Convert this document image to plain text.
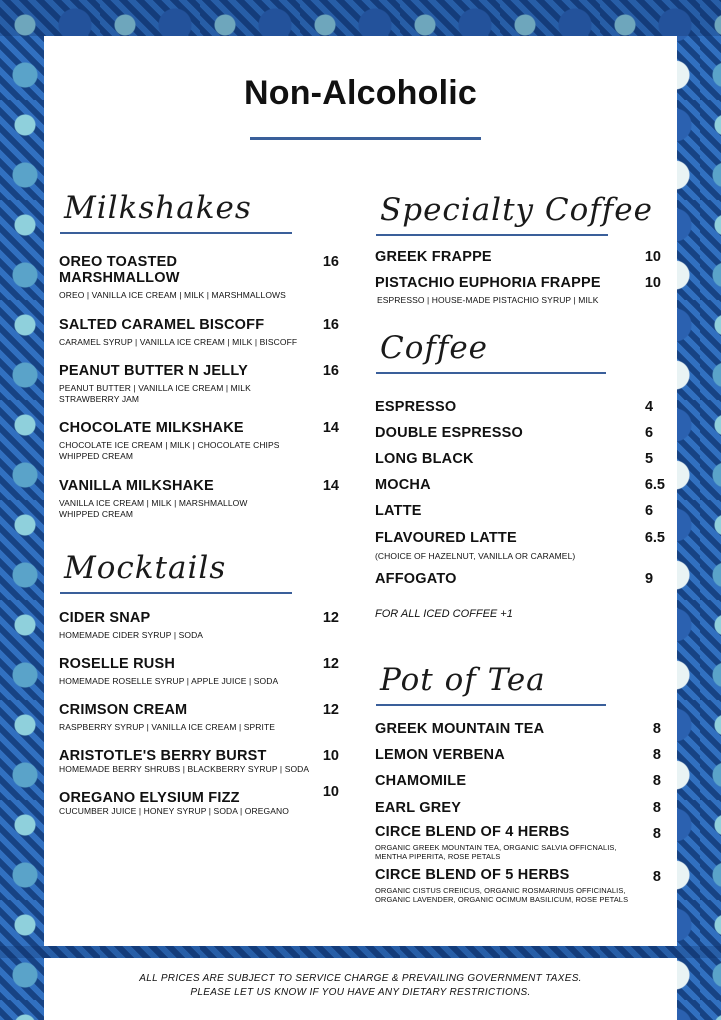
Non-Alcoholic
Milkshakes
OREO TOASTED MARSHMALLOW
16
OREO | VANILLA ICE CREAM | MILK | MARSHMALLOWS
SALTED CARAMEL BISCOFF	16
CARAMEL SYRUP | VANILLA ICE CREAM | MILK | BISCOFF
PEANUT BUTTER N JELLY	16
PEANUT BUTTER | VANILLA ICE CREAM | MILK STRAWBERRY JAM
CHOCOLATE MILKSHAKE	14
CHOCOLATE ICE CREAM | MILK | CHOCOLATE CHIPS WHIPPED CREAM
VANILLA MILKSHAKE	14
VANILLA ICE CREAM | MILK | MARSHMALLOW WHIPPED CREAM
Mocktails
CIDER SNAP	12
HOMEMADE CIDER SYRUP | SODA
ROSELLE RUSH	12
HOMEMADE ROSELLE SYRUP | APPLE JUICE | SODA
CRIMSON CREAM	12
RASPBERRY SYRUP | VANILLA ICE CREAM | SPRITE
ARISTOTLE'S BERRY BURST	10
HOMEMADE BERRY SHRUBS | BLACKBERRY SYRUP | SODA
OREGANO ELYSIUM FIZZ	10
CUCUMBER JUICE | HONEY SYRUP | SODA | OREGANO
Specialty Coffee
GREEK FRAPPE	10
PISTACHIO EUPHORIA FRAPPE	10
ESPRESSO | HOUSE-MADE PISTACHIO SYRUP | MILK
Coffee
ESPRESSO	4
DOUBLE ESPRESSO	6
LONG BLACK	5
MOCHA	6.5
LATTE	6
FLAVOURED LATTE	6.5
(CHOICE OF HAZELNUT, VANILLA OR CARAMEL)
AFFOGATO	9
FOR ALL ICED COFFEE +1
Pot of Tea
GREEK MOUNTAIN TEA	8
LEMON VERBENA	8
CHAMOMILE	8
EARL GREY	8
CIRCE BLEND OF 4 HERBS	8
ORGANIC GREEK MOUNTAIN TEA, ORGANIC SALVIA OFFICNALIS, MENTHA PIPERITA, ROSE PETALS
CIRCE BLEND OF 5 HERBS	8
ORGANIC CISTUS CREIICUS, ORGANIC ROSMARINUS OFFICINALIS, ORGANIC LAVENDER, ORGANIC OCIMUM BASILICUM, ROSE PETALS
ALL PRICES ARE SUBJECT TO SERVICE CHARGE & PREVAILING GOVERNMENT TAXES.
PLEASE LET US KNOW IF YOU HAVE ANY DIETARY RESTRICTIONS.
